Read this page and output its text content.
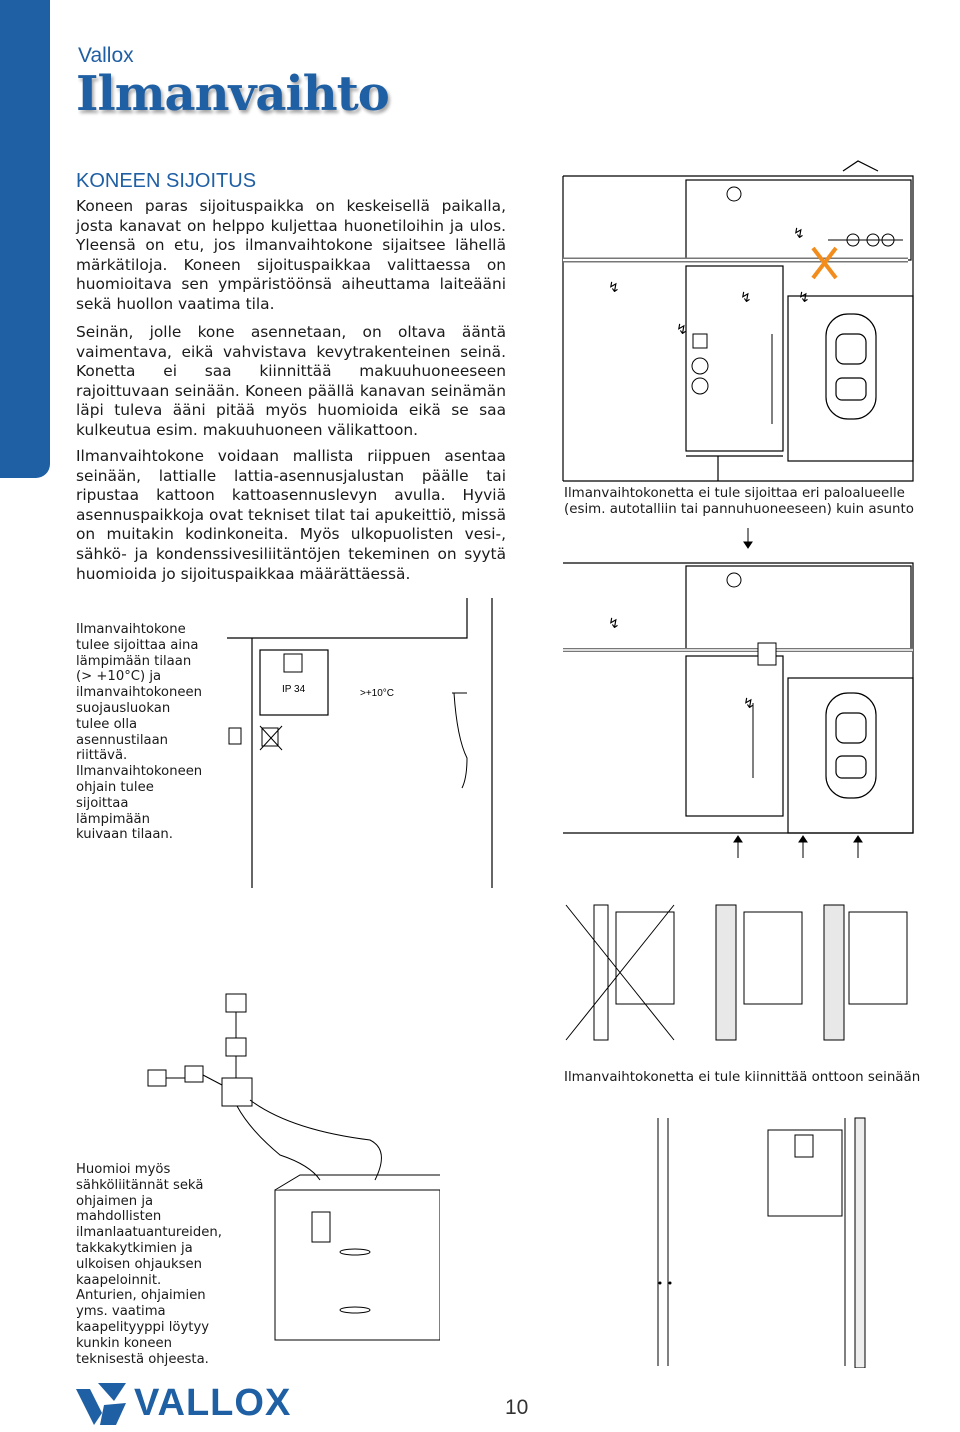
Vallox
Ilmanvaihto
KONEEN SIJOITUS

Koneen paras sijoituspaikka on keskeisellä paikalla, josta kanavat on helppo kuljettaa huonetiloihin ja ulos. Yleensä on etu, jos ilmanvaihtokone sijaitsee lähellä märkätiloja. Koneen sijoituspaikkaa valittaessa on huomioitava sen ympäristöönsä aiheuttama laiteääni sekä huollon vaatima tila.

Seinän, jolle kone asennetaan, on oltava ääntä vaimentava, eikä vahvistava kevytrakenteinen seinä. Konetta ei saa kiinnittää makuuhuoneeseen rajoittuvaan seinään. Koneen päällä kanavan seinämän läpi tuleva ääni pitää myös huomioida eikä se saa kulkeutua esim. makuuhuoneen välikattoon.

Ilmanvaihtokone voidaan mallista riippuen asentaa seinään, lattialle lattia-asennusjalustan päälle tai ripustaa kattoon kattoasennuslevyn avulla. Hyviä asennuspaikkoja ovat tekniset tilat tai apukeittiö, missä on muitakin kodinkoneita. Myös ulkopuolisten vesi-, sähkö- ja kondenssivesiliitäntöjen tekeminen on syytä huomioida jo sijoituspaikkaa määrättäessä.

↯
↯	↯
↯
↯
Ilmanvaihtokonetta ei tule sijoittaa eri paloalueelle (esim. autotalliin tai pannuhuoneeseen) kuin asunto
↯
↯
IP 34	>+10°C
Ilmanvaihtokone tulee sijoittaa aina lämpimään tilaan (> +10°C) ja ilmanvaihtokoneen suojausluokan tulee olla asennustilaan riittävä. Ilmanvaihtokoneen ohjain tulee sijoittaa lämpimään kuivaan tilaan.
Ilmanvaihtokonetta ei tule kiinnittää onttoon seinään
Huomioi myös sähköliitännät sekä ohjaimen ja mahdollisten ilmanlaatuantureiden, takkakytkimien ja ulkoisen ohjauksen kaapeloinnit. Anturien, ohjaimien yms. vaatima kaapelityyppi löytyy kunkin koneen teknisestä ohjeesta.
VALLOX	10
